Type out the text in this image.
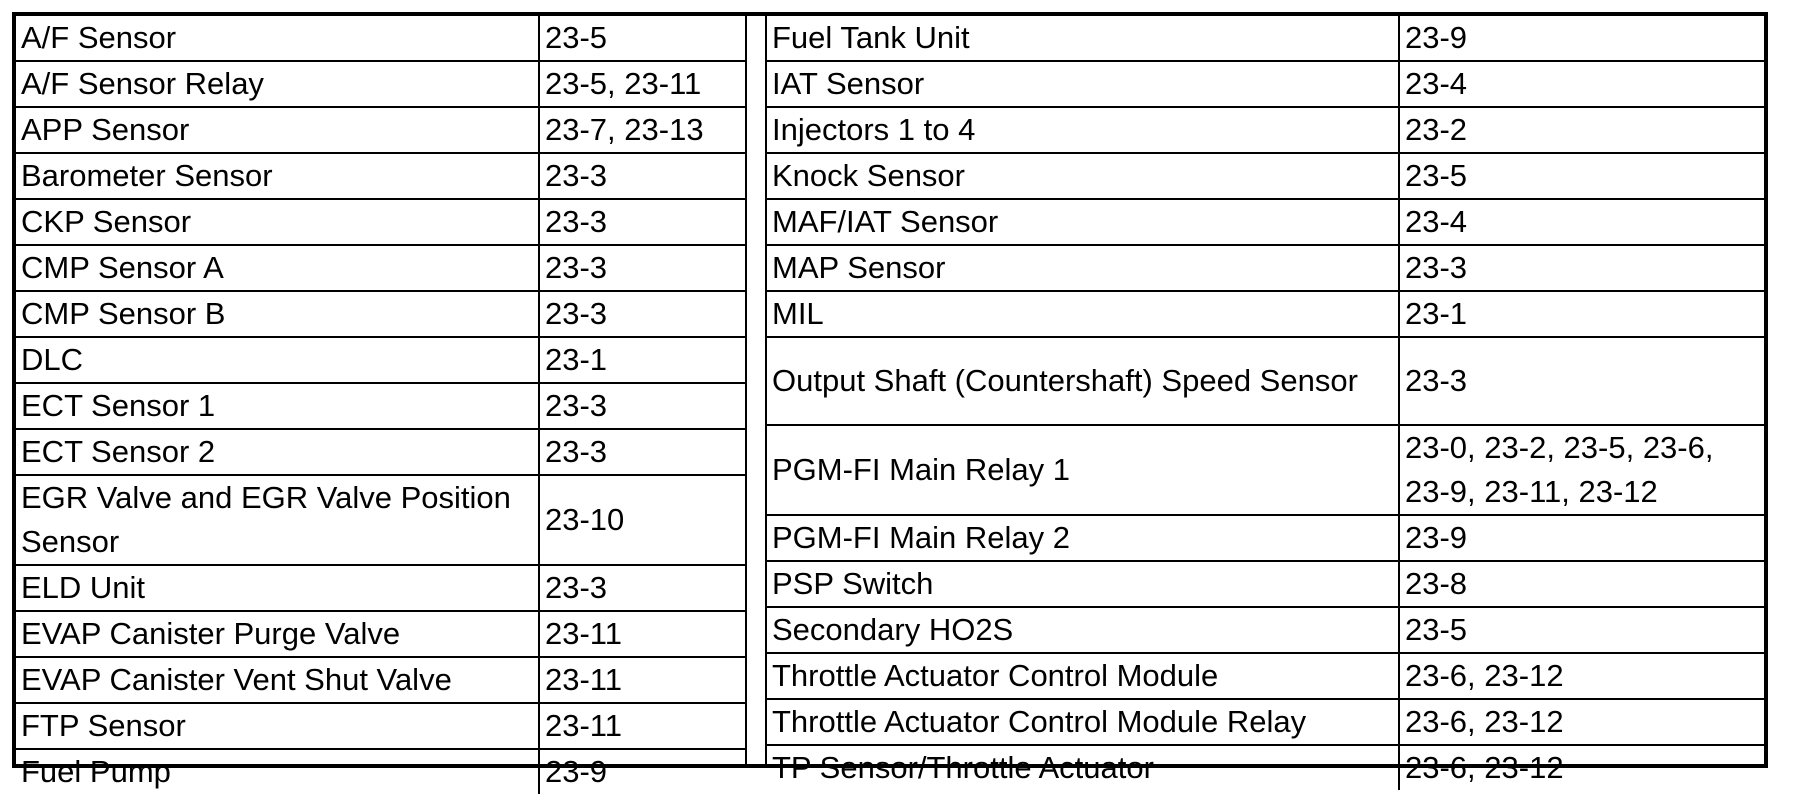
A/F Sensor	23-5
A/F Sensor Relay	23-5, 23-11
APP Sensor	23-7, 23-13
Barometer Sensor	23-3
CKP Sensor	23-3
CMP Sensor A	23-3
CMP Sensor B	23-3
DLC	23-1
ECT Sensor 1	23-3
ECT Sensor 2	23-3
EGR Valve and EGR Valve Position Sensor	23-10
ELD Unit	23-3
EVAP Canister Purge Valve	23-11
EVAP Canister Vent Shut Valve	23-11
FTP Sensor	23-11
Fuel Pump	23-9
Fuel Tank Unit	23-9
IAT Sensor	23-4
Injectors 1 to 4	23-2
Knock Sensor	23-5
MAF/IAT Sensor	23-4
MAP Sensor	23-3
MIL	23-1
Output Shaft (Countershaft) Speed Sensor	23-3
PGM-FI Main Relay 1	23-0, 23-2, 23-5, 23-6, 23-9, 23-11, 23-12
PGM-FI Main Relay 2	23-9
PSP Switch	23-8
Secondary HO2S	23-5
Throttle Actuator Control Module	23-6, 23-12
Throttle Actuator Control Module Relay	23-6, 23-12
TP Sensor/Throttle Actuator	23-6, 23-12
